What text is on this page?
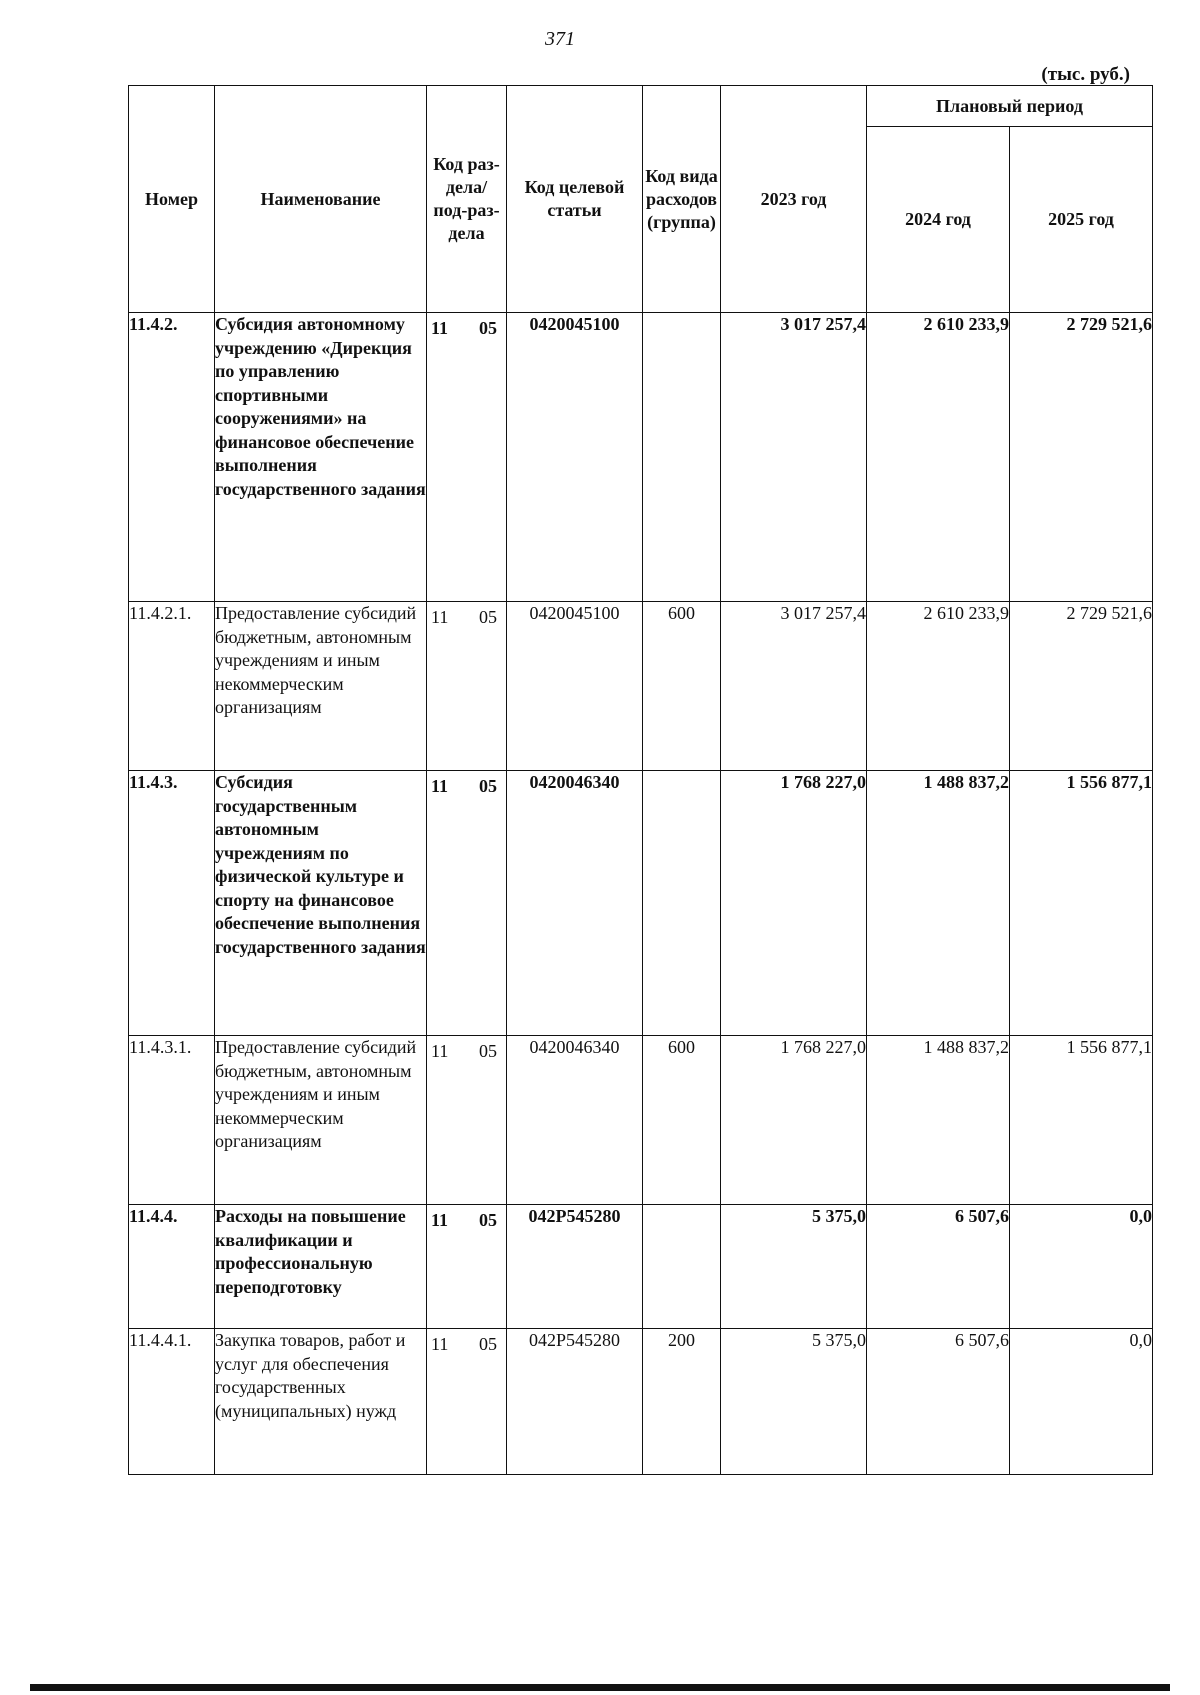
371
(тыс. руб.)
Номер	Наименование	Код раз-дела/ под-раз-дела	Код целевой статьи	Код вида расходов (группа)	2023 год	Плановый период	
						2024 год	2025 год
11.4.2.	Субсидия автономному учреждению «Дирекция по управлению спортивными сооружениями» на финансовое обеспечение выполнения государственного задания	11 05	0420045100		3 017 257,4	2 610 233,9	2 729 521,6
11.4.2.1.	Предоставление субсидий бюджетным, автономным учреждениям и иным некоммерческим организациям	11 05	0420045100	600	3 017 257,4	2 610 233,9	2 729 521,6
11.4.3.	Субсидия государственным автономным учреждениям по физической культуре и спорту на финансовое обеспечение выполнения государственного задания	11 05	0420046340		1 768 227,0	1 488 837,2	1 556 877,1
11.4.3.1.	Предоставление субсидий бюджетным, автономным учреждениям и иным некоммерческим организациям	11 05	0420046340	600	1 768 227,0	1 488 837,2	1 556 877,1
11.4.4.	Расходы на повышение квалификации и профессиональную переподготовку	11 05	042P545280		5 375,0	6 507,6	0,0
11.4.4.1.	Закупка товаров, работ и услуг для обеспечения государственных (муниципальных) нужд	11 05	042P545280	200	5 375,0	6 507,6	0,0
